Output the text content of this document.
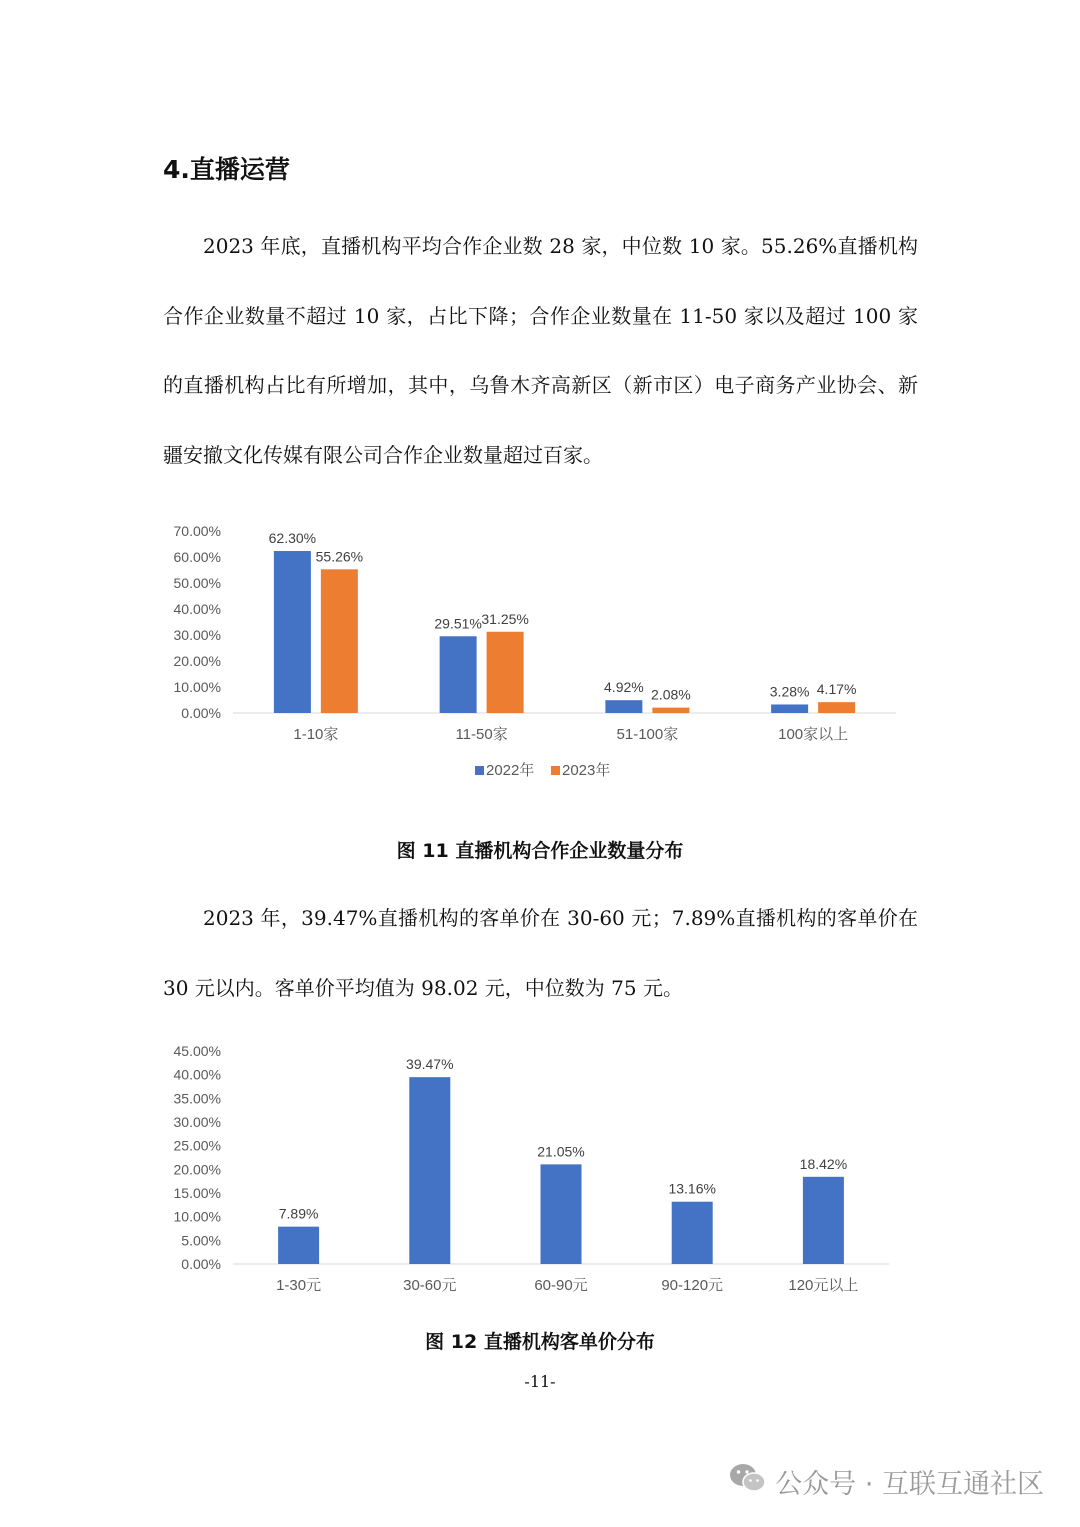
4.直播运营

2023 年底，直播机构平均合作企业数 28 家，中位数 10 家。55.26%直播机构合作企业数量不超过 10 家，占比下降；合作企业数量在 11-50 家以及超过 100 家的直播机构占比有所增加，其中，乌鲁木齐高新区（新市区）电子商务产业协会、新疆安撤文化传媒有限公司合作企业数量超过百家。

0.00%
10.00%
20.00%
30.00%
40.00%
50.00%
60.00%
70.00%	62.30%
55.26%
1-10家
29.51% 31.25%
11-50家
4.92% 2.08%
51-100家
3.28% 4.17%
100家以上
2022年 2023年

图 11 直播机构合作企业数量分布

2023 年，39.47%直播机构的客单价在 30-60 元；7.89%直播机构的客单价在 30 元以内。客单价平均值为 98.02 元，中位数为 75 元。

0.00%
5.00%
10.00%
15.00%
20.00%
25.00%
30.00%
35.00%
40.00%
45.00%
7.89%
1-30元
39.47%
30-60元
21.05%
60-90元
13.16%
90-120元
18.42%
120元以上

图 12 直播机构客单价分布

-11-
公众号 · 互联互通社区
